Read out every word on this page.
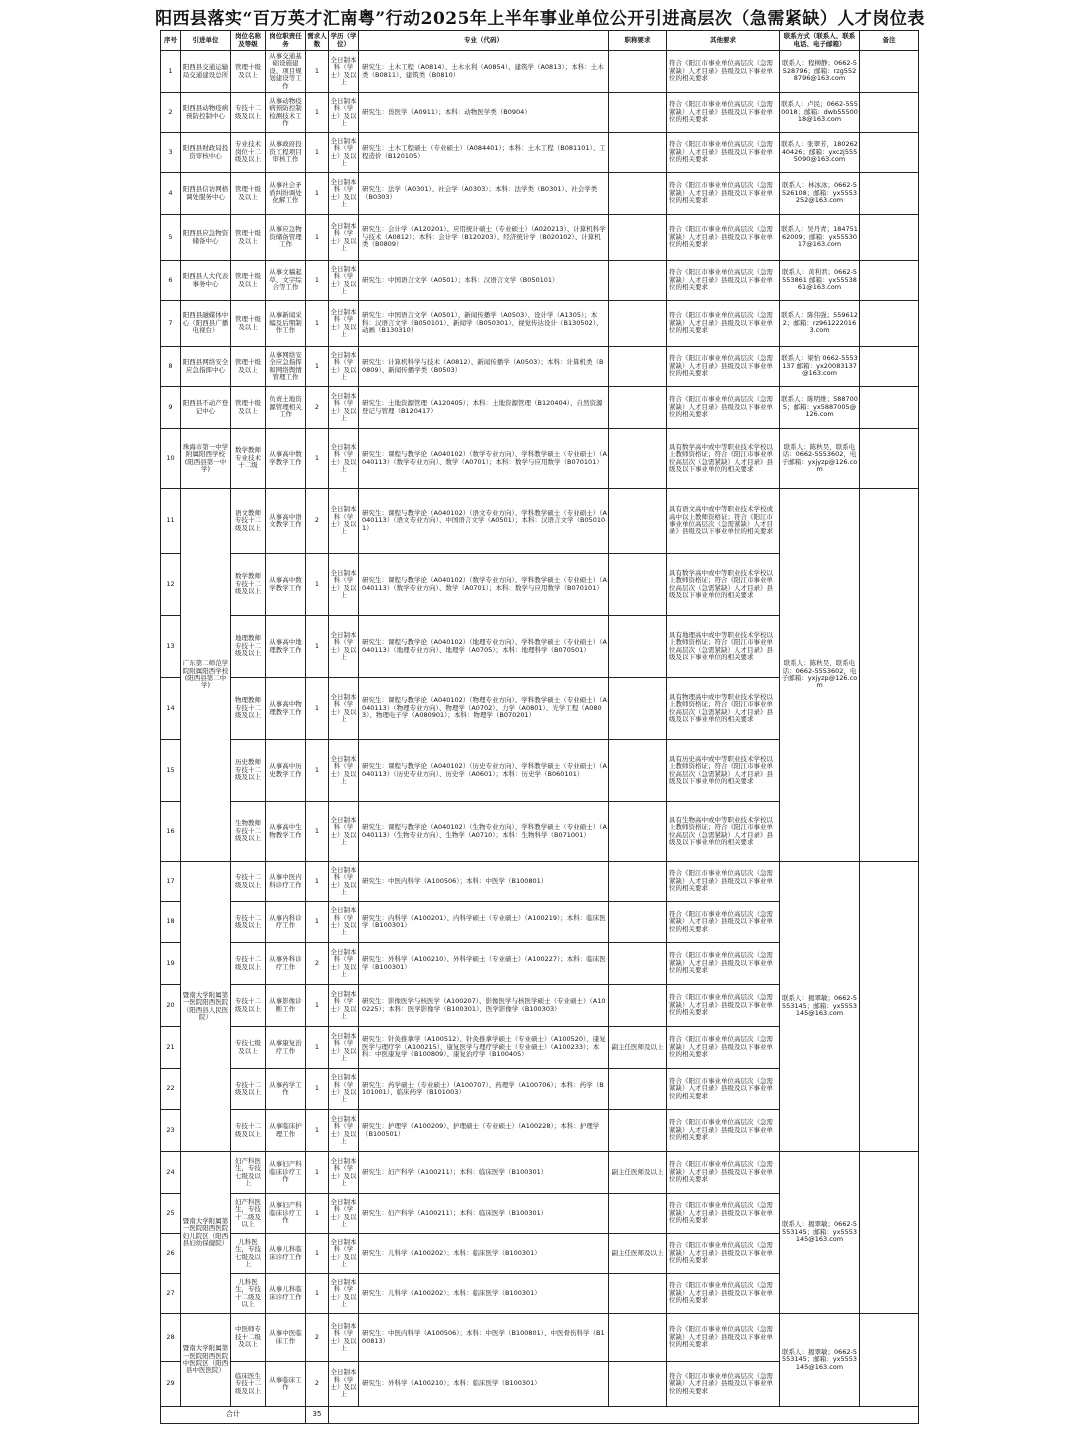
阳西县落实“百万英才汇南粤”行动2025年上半年事业单位公开引进高层次（急需紧缺）人才岗位表
序号	引进单位	岗位名称及等级	岗位职责任务	需求人数	学历（学位）	专业（代码）	职称要求	其他要求	联系方式（联系人、联系电话、电子邮箱）	备注
1	阳西县交通运输局交通建设总所	管理十级及以上	从事交通基础设施建设、项目规划建设等工作	1	全日制本科（学士）及以上	研究生：土木工程（A0814）、土木水利（A0854）、建筑学（A0813）；本科：土木类（B0811）、建筑类（B0810）		符合《阳江市事业单位高层次（急需紧缺）人才目录》县级及以下事业单位的相关要求	联系人：程柳静；0662-5528796；邮箱：rzg5528796@163.com	
2	阳西县动物疫病预防控制中心	专技十二级及以上	从事动物疫病预防控制检测技术工作	1	全日制本科（学士）及以上	研究生：兽医学（A0911）；本科：动物医学类（B0904）		符合《阳江市事业单位高层次（急需紧缺）人才目录》县级及以下事业单位的相关要求	联系人：卢民；0662-5550018；邮箱：dwb5550018@163.com	
3	阳西县财政局投资审核中心	专业技术岗位十二级及以上	从事政府投资工程项目审核工作	1	全日制本科（学士）及以上	研究生：土木工程硕士（专业硕士）（A084401）；本科：土木工程（B081101）、工程造价（B120105）		符合《阳江市事业单位高层次（急需紧缺）人才目录》县级及以下事业单位的相关要求	联系人：张翠芳，18026240426；邮箱：yxczj5555090@163.com	
4	阳西县信访网格调处服务中心	管理十级及以上	从事社会矛盾纠纷调处化解工作	1	全日制本科（学士）及以上	研究生：法学（A0301）、社会学（A0303）；本科：法学类（B0301）、社会学类（B0303）		符合《阳江市事业单位高层次（急需紧缺）人才目录》县级及以下事业单位的相关要求	联系人：林冰冰；0662-5526108；邮箱：yx5553252@163.com	
5	阳西县应急物资储备中心	管理十级及以上	从事应急物资储备管理工作	1	全日制本科（学士）及以上	研究生：会计学（A120201）、应用统计硕士（专业硕士）（A020213）、计算机科学与技术（A0812）；本科：会计学（B120203）、经济统计学（B020102）、计算机类（B0809）		符合《阳江市事业单位高层次（急需紧缺）人才目录》县级及以下事业单位的相关要求	联系人：吴丹青；18475162009；邮箱：yx5553017@163.com	
6	阳西县人大代表事务中心	管理十级及以上	从事文稿起草、文字综合等工作	1	全日制本科（学士）及以上	研究生：中国语言文学（A0501）；本科：汉语言文学（B050101）		符合《阳江市事业单位高层次（急需紧缺）人才目录》县级及以下事业单位的相关要求	联系人：黄利君；0662-5553861 邮箱：yx5553861@163.com	
7	阳西县融媒体中心（阳西县广播电视台）	管理十级及以上	从事新闻采编及后期制作工作	1	全日制本科（学士）及以上	研究生：中国语言文学（A0501）、新闻传播学（A0503）、设计学（A1305）；本科：汉语言文学（B050101）、新闻学（B050301）、视觉传达设计（B130502）、动画（B130310）		符合《阳江市事业单位高层次（急需紧缺）人才目录》县级及以下事业单位的相关要求	联系人：陈伟强；5596122；邮箱：rz9612220163.com	
8	阳西县网络安全应急指挥中心	管理十级及以上	从事网络安全应急指挥和网络舆情管理工作	1	全日制本科（学士）及以上	研究生：计算机科学与技术（A0812）、新闻传播学（A0503）；本科：计算机类（B0809）、新闻传播学类（B0503）		符合《阳江市事业单位高层次（急需紧缺）人才目录》县级及以下事业单位的相关要求	联系人：梁怡 0662-5553137 邮箱：yx20083137@163.com	
9	阳西县不动产登记中心	管理十级及以上	负责土地资源管理相关工作	2	全日制本科（学士）及以上	研究生：土地资源管理（A120405）；本科：土地资源管理（B120404）、自然资源登记与管理（B120417）		符合《阳江市事业单位高层次（急需紧缺）人才目录》县级及以下事业单位的相关要求	联系人：陈明维；5887005；邮箱：yx5887005@126.com	
10	珠海市第一中学附属阳西学校(阳西县第一中学)	数学教师专业技术十二级	从事高中数学教学工作	1	全日制本科（学士）及以上	研究生：课程与教学论（A040102）（数学专业方向）、学科教学硕士（专业硕士）（A040113）（数学专业方向）、数学（A0701）；本科：数学与应用数学（B070101）		具有数学高中或中等职业技术学校以上教师资格证；符合《阳江市事业单位高层次（急需紧缺）人才目录》县级及以下事业单位的相关要求	联系人：陈秋昊，联系电话：0662-5553602，电子邮箱：yxjyzp@126.com	
11	广东第二师范学院附属阳西学校(阳西县第二中学)	语文教师专技十二级及以上	从事高中语文教学工作	2	全日制本科（学士）及以上	研究生：课程与教学论（A040102）（语文专业方向）、学科教学硕士（专业硕士）（A040113）（语文专业方向）、中国语言文学（A0501）；本科：汉语言文学（B050101）		具有语文高中或中等职业技术学校或高中以上教师资格证；符合《阳江市事业单位高层次（急需紧缺）人才目录》县级及以下事业单位的相关要求	联系人：陈秋昊，联系电话：0662-5553602，电子邮箱：yxjyzp@126.com	
12		数学教师专技十二级及以上	从事高中数学教学工作	1	全日制本科（学士）及以上	研究生：课程与教学论（A040102）（数学专业方向）、学科教学硕士（专业硕士）（A040113）（数学专业方向）、数学（A0701）；本科：数学与应用数学（B070101）		具有数学高中或中等职业技术学校以上教师资格证；符合《阳江市事业单位高层次（急需紧缺）人才目录》县级及以下事业单位的相关要求		
13		地理教师专技十二级及以上	从事高中地理教学工作	1	全日制本科（学士）及以上	研究生：课程与教学论（A040102）（地理专业方向）、学科教学硕士（专业硕士）（A040113）（地理专业方向）、地理学（A0705）；本科：地理科学（B070501）		具有地理高中或中等职业技术学校以上教师资格证；符合《阳江市事业单位高层次（急需紧缺）人才目录》县级及以下事业单位的相关要求		
14		物理教师专技十二级及以上	从事高中物理教学工作	1	全日制本科（学士）及以上	研究生：课程与教学论（A040102）（物理专业方向）、学科教学硕士（专业硕士）（A040113）（物理专业方向）、物理学（A0702）、力学（A0801）、光学工程（A0803）、物理电子学（A080901）；本科：物理学（B070201）		具有物理高中或中等职业技术学校以上教师资格证；符合《阳江市事业单位高层次（急需紧缺）人才目录》县级及以下事业单位的相关要求		
15		历史教师专技十二级及以上	从事高中历史教学工作	1	全日制本科（学士）及以上	研究生：课程与教学论（A040102）（历史专业方向）、学科教学硕士（专业硕士）（A040113）（历史专业方向）、历史学（A0601）；本科：历史学（B060101）		具有历史高中或中等职业技术学校以上教师资格证；符合《阳江市事业单位高层次（急需紧缺）人才目录》县级及以下事业单位的相关要求		
16		生物教师专技十二级及以上	从事高中生物教学工作	1	全日制本科（学士）及以上	研究生：课程与教学论（A040102）（生物专业方向）、学科教学硕士（专业硕士）（A040113）（生物专业方向）、生物学（A0710）；本科：生物科学（B071001）		具有生物高中或中等职业技术学校以上教师资格证；符合《阳江市事业单位高层次（急需紧缺）人才目录》县级及以下事业单位的相关要求		
17	暨南大学附属第一医院阳西医院（阳西县人民医院）	专技十二级及以上	从事中医内科诊疗工作	1	全日制本科（学士）及以上	研究生：中医内科学（A100506）；本科：中医学（B100801）		符合《阳江市事业单位高层次（急需紧缺）人才目录》县级及以下事业单位的相关要求	联系人：揭翠敏；0662-5553145；邮箱：yx5553145@163.com	
18		专技十二级及以上	从事内科诊疗工作	1	全日制本科（学士）及以上	研究生：内科学（A100201）、内科学硕士（专业硕士）（A100219）；本科：临床医学（B100301）		符合《阳江市事业单位高层次（急需紧缺）人才目录》县级及以下事业单位的相关要求		
19		专技十二级及以上	从事外科诊疗工作	2	全日制本科（学士）及以上	研究生：外科学（A100210）、外科学硕士（专业硕士）（A100227）；本科：临床医学（B100301）		符合《阳江市事业单位高层次（急需紧缺）人才目录》县级及以下事业单位的相关要求		
20		专技十二级及以上	从事影像诊断工作	1	全日制本科（学士）及以上	研究生：影像医学与核医学（A100207）、影像医学与核医学硕士（专业硕士）（A100225）；本科：医学影像学（B100301）、医学影像学（B100303）		符合《阳江市事业单位高层次（急需紧缺）人才目录》县级及以下事业单位的相关要求		
21		专技七级及以上	从事康复治疗工作	1	全日制本科（学士）及以上	研究生：针灸推拿学（A100512）、针灸推拿学硕士（专业硕士）（A100520）、康复医学与理疗学（A100215）、康复医学与理疗学硕士（专业硕士）（A100233）；本科：中医康复学（B100809）、康复治疗学（B100405）	副主任医师及以上	符合《阳江市事业单位高层次（急需紧缺）人才目录》县级及以下事业单位的相关要求		
22		专技十二级及以上	从事药学工作	1	全日制本科（学士）及以上	研究生：药学硕士（专业硕士）（A100707）、药理学（A100706）；本科：药学（B101001）、临床药学（B101003）		符合《阳江市事业单位高层次（急需紧缺）人才目录》县级及以下事业单位的相关要求		
23		专技十二级及以上	从事临床护理工作	1	全日制本科（学士）及以上	研究生：护理学（A100209）、护理硕士（专业硕士）（A100228）；本科：护理学（B100501）		符合《阳江市事业单位高层次（急需紧缺）人才目录》县级及以下事业单位的相关要求		
24	暨南大学附属第一医院阳西医院妇儿院区（阳西县妇幼保健院）	妇产科医生，专技七级及以上	从事妇产科临床诊疗工作	1	全日制本科（学士）及以上	研究生：妇产科学（A100211）；本科：临床医学（B100301）	副主任医师及以上	符合《阳江市事业单位高层次（急需紧缺）人才目录》县级及以下事业单位的相关要求	联系人：揭翠敏；0662-5553145；邮箱：yx5553145@163.com	
25		妇产科医生，专技十二级及以上	从事妇产科临床诊疗工作	1	全日制本科（学士）及以上	研究生：妇产科学（A100211）；本科：临床医学（B100301）		符合《阳江市事业单位高层次（急需紧缺）人才目录》县级及以下事业单位的相关要求		
26		儿科医生，专技七级及以上	从事儿科临床诊疗工作	1	全日制本科（学士）及以上	研究生：儿科学（A100202）；本科：临床医学（B100301）	副主任医师及以上	符合《阳江市事业单位高层次（急需紧缺）人才目录》县级及以下事业单位的相关要求		
27		儿科医生，专技十二级及以上	从事儿科临床诊疗工作	1	全日制本科（学士）及以上	研究生：儿科学（A100202）；本科：临床医学（B100301）		符合《阳江市事业单位高层次（急需紧缺）人才目录》县级及以下事业单位的相关要求		
28	暨南大学附属第一医院阳西医院中医院区（阳西县中医医院）	中医师专技十二级及以上	从事中医临床工作	2	全日制本科（学士）及以上	研究生：中医内科学（A100506）；本科：中医学（B100801）、中医骨伤科学（B100813）		符合《阳江市事业单位高层次（急需紧缺）人才目录》县级及以下事业单位的相关要求	联系人：揭翠敏；0662-5553145；邮箱：yx5553145@163.com	
29		临床医生专技十二级及以上	从事临床工作	2	全日制本科（学士）及以上	研究生：外科学（A100210）；本科：临床医学（B100301）		符合《阳江市事业单位高层次（急需紧缺）人才目录》县级及以下事业单位的相关要求		
合计				35						
